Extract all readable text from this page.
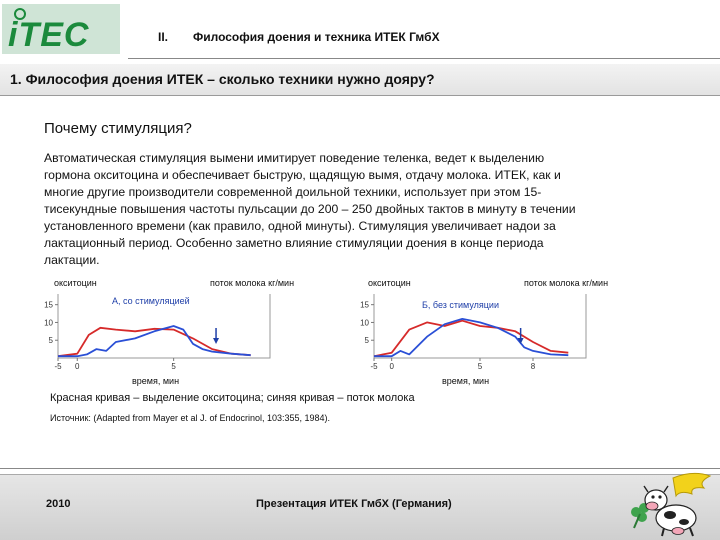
iTEC	II. Философия доения и техника ИТЕК ГмбХ
1. Философия доения ИТЕК – сколько техники нужно дояру?
Почему стимуляция?
Автоматическая стимуляция вымени имитирует поведение теленка, ведет к выделению
гормона окситоцина и обеспечивает быструю, щадящую вымя, отдачу молока. ИТЕК, как и
многие другие производители современной доильной техники, использует при этом 15-
тисекундные повышения частоты пульсации до 200 – 250 двойных тактов в минуту в течении
установленного времени (как правило, одной минуты). Стимуляция увеличивает надои за
лактационный период. Особенно заметно влияние стимуляции доения в конце периода
лактации.
окситоцин	поток молока кг/мин
А, со стимуляцией
5
10
15
-5 0	5
время, мин
окситоцин	поток молока кг/мин
Б, без стимуляции
5
10
15
-5 0	5	8
время, мин
Красная кривая – выделение окситоцина; синяя кривая – поток молока
Источник: (Adapted from Mayer et al J. of Endocrinol, 103:355, 1984).
2010	Презентация ИТЕК ГмбХ (Германия)
